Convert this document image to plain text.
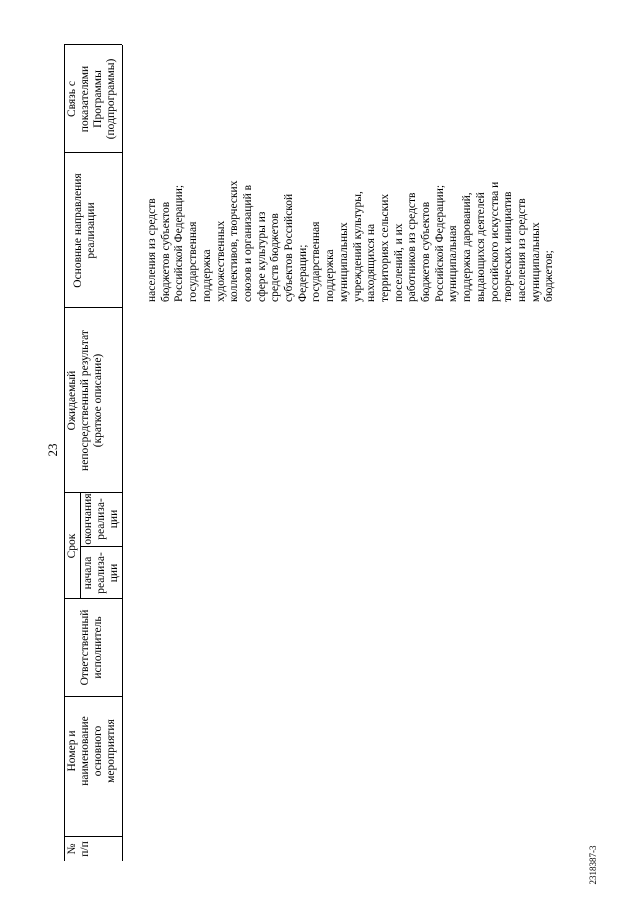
23
2318387-3
№ п/п
Номер и наименование основного мероприятия
Ответственный исполнитель
Срок
начала реализа- ции
окончания реализа- ции
Ожидаемый непосредственный результат (краткое описание)
Основные направления реализации
Связь с показателями Программы (подпрограммы)
населения из средств бюджетов субъектов Российской Федерации; государственная поддержка художественных коллективов, творческих союзов и организаций в сфере культуры из средств бюджетов субъектов Российской Федерации; государственная поддержка муниципальных учреждений культуры, находящихся на территориях сельских поселений, и их работников из средств бюджетов субъектов Российской Федерации; муниципальная поддержка дарований, выдающихся деятелей российского искусства и творческих инициатив населения из средств муниципальных бюджетов;
